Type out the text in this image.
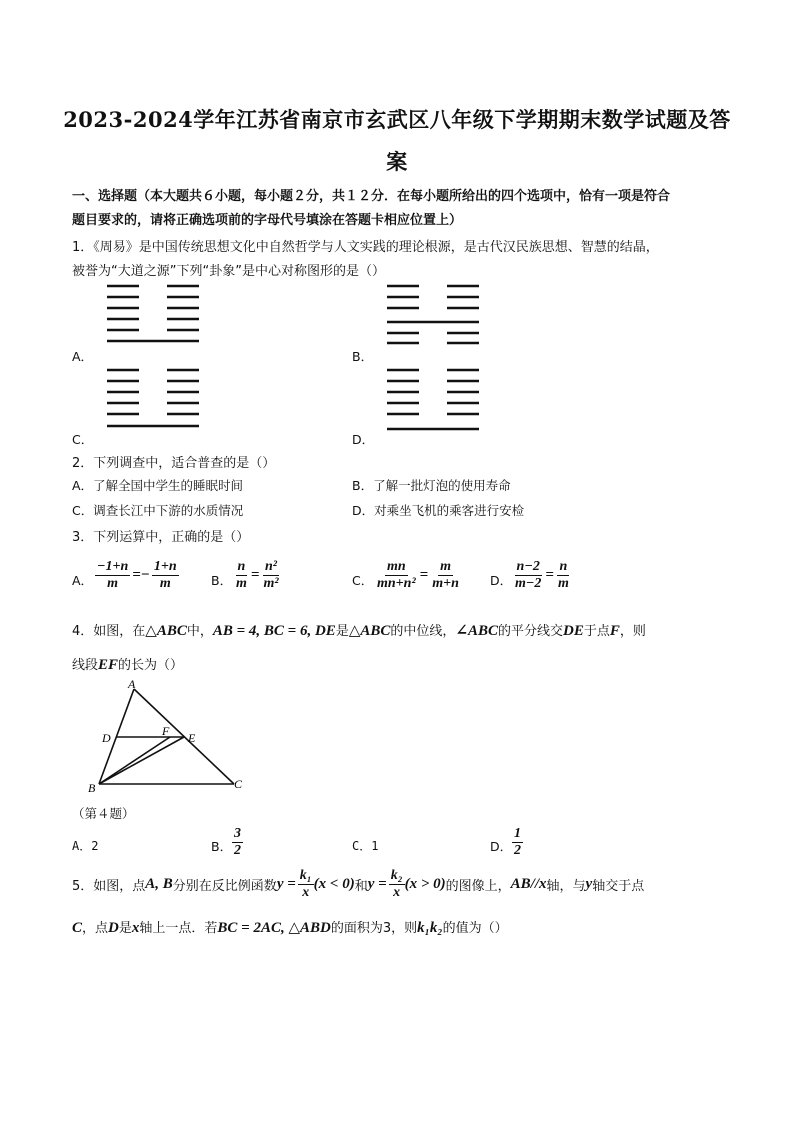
2023-2024学年江苏省南京市玄武区八年级下学期期末数学试题及答
案
一、选择题（本大题共６小题，每小题２分，共１２分．在每小题所给出的四个选项中，恰有一项是符合
题目要求的，请将正确选项前的字母代号填涂在答题卡相应位置上）
1．《周易》是中国传统思想文化中自然哲学与人文实践的理论根源，是古代汉民族思想、智慧的结晶，
被誉为“大道之源”下列“卦象”是中心对称图形的是（）
A．	B．
C．	D．
2．下列调查中，适合普查的是（）
A．了解全国中学生的睡眠时间	B．了解一批灯泡的使用寿命
C．调查长江中下游的水质情况	D．对乘坐飞机的乘客进行安检
3．下列运算中，正确的是（）
A． $\frac{-1+n}{m} =- \frac{1+n}{m}$	B． $\frac{n}{m} = \frac{\text{n²}}{\text{m²}}$	C． $\frac{mn}{\text{mn+n²}} = \frac{m}{m+n}$ D． $\frac{n-2}{m-2} = \frac{n}{m}$
4．如图，在 △ABC 中， AB = 4, BC = 6, DE 是 △ABC 的中位线， ∠ABC 的平分线交 DE 于点 F ，则
线段 EF 的长为（）
A
D	F E
B	C
（第４题）
A．2	B． $\frac{3}{2}$	C．1	D． $\frac{1}{2}$
5．如图，点 A, B 分别在反比例函数 $y = \frac{\text{k₁}}{x} (x < 0)$ 和 $y = \frac{\text{k₂}}{x} (x > 0)$ 的图像上， AB//x 轴，与 y 轴交于点
C ，点 D 是 x 轴上一点．若 BC = 2AC, △ABD 的面积为 3 ，则 k₁k₂ 的值为（）
